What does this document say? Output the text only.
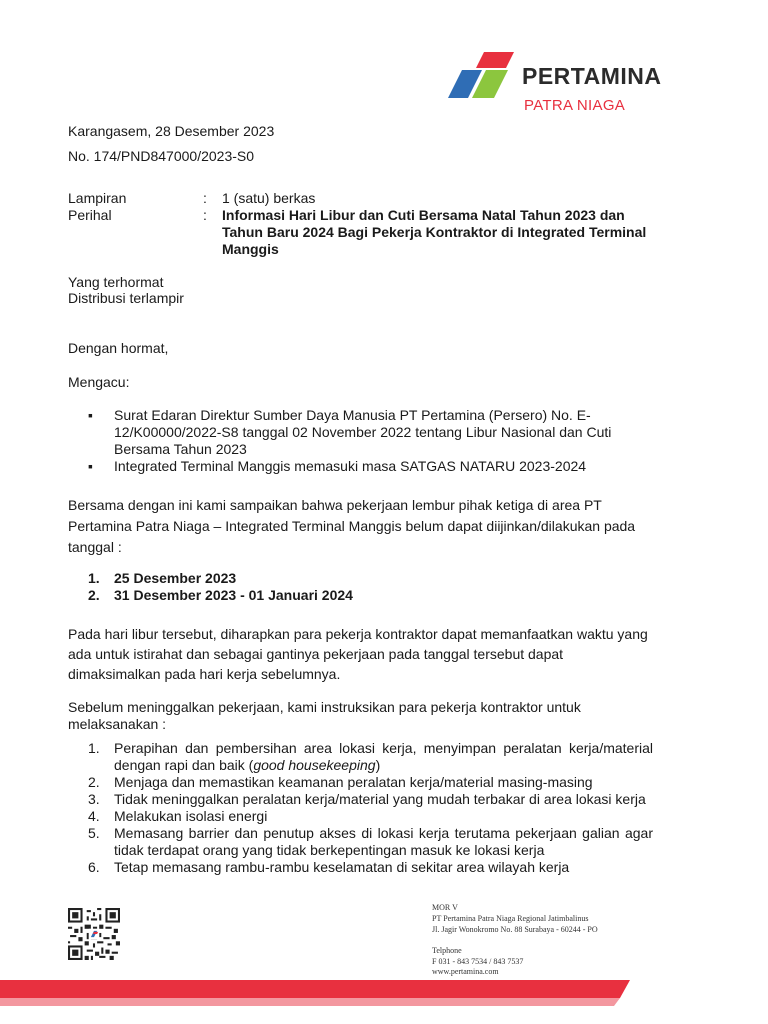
PERTAMINA
PATRA NIAGA
Karangasem, 28 Desember 2023
No. 174/PND847000/2023-S0
Lampiran	: 1 (satu) berkas
Perihal	: Informasi Hari Libur dan Cuti Bersama Natal Tahun 2023 dan Tahun Baru 2024 Bagi Pekerja Kontraktor di Integrated Terminal Manggis
Yang terhormat
Distribusi terlampir
Dengan hormat,
Mengacu:
▪ Surat Edaran Direktur Sumber Daya Manusia PT Pertamina (Persero) No. E-12/K00000/2022-S8 tanggal 02 November 2022 tentang Libur Nasional dan Cuti Bersama Tahun 2023
▪ Integrated Terminal Manggis memasuki masa SATGAS NATARU 2023-2024
Bersama dengan ini kami sampaikan bahwa pekerjaan lembur pihak ketiga di area PT Pertamina Patra Niaga – Integrated Terminal Manggis belum dapat diijinkan/dilakukan pada tanggal :
1. 25 Desember 2023
2. 31 Desember 2023 - 01 Januari 2024
Pada hari libur tersebut, diharapkan para pekerja kontraktor dapat memanfaatkan waktu yang ada untuk istirahat dan sebagai gantinya pekerjaan pada tanggal tersebut dapat dimaksimalkan pada hari kerja sebelumnya.
Sebelum meninggalkan pekerjaan, kami instruksikan para pekerja kontraktor untuk melaksanakan :
1. Perapihan dan pembersihan area lokasi kerja, menyimpan peralatan kerja/material dengan rapi dan baik (good housekeeping)
2. Menjaga dan memastikan keamanan peralatan kerja/material masing-masing
3. Tidak meninggalkan peralatan kerja/material yang mudah terbakar di area lokasi kerja
4. Melakukan isolasi energi
5. Memasang barrier dan penutup akses di lokasi kerja terutama pekerjaan galian agar tidak terdapat orang yang tidak berkepentingan masuk ke lokasi kerja
6. Tetap memasang rambu-rambu keselamatan di sekitar area wilayah kerja
MOR V
PT Pertamina Patra Niaga Regional Jatimbalinus
Jl. Jagir Wonokromo No. 88 Surabaya - 60244 - PO
Telphone
F 031 - 843 7534 / 843 7537
www.pertamina.com
